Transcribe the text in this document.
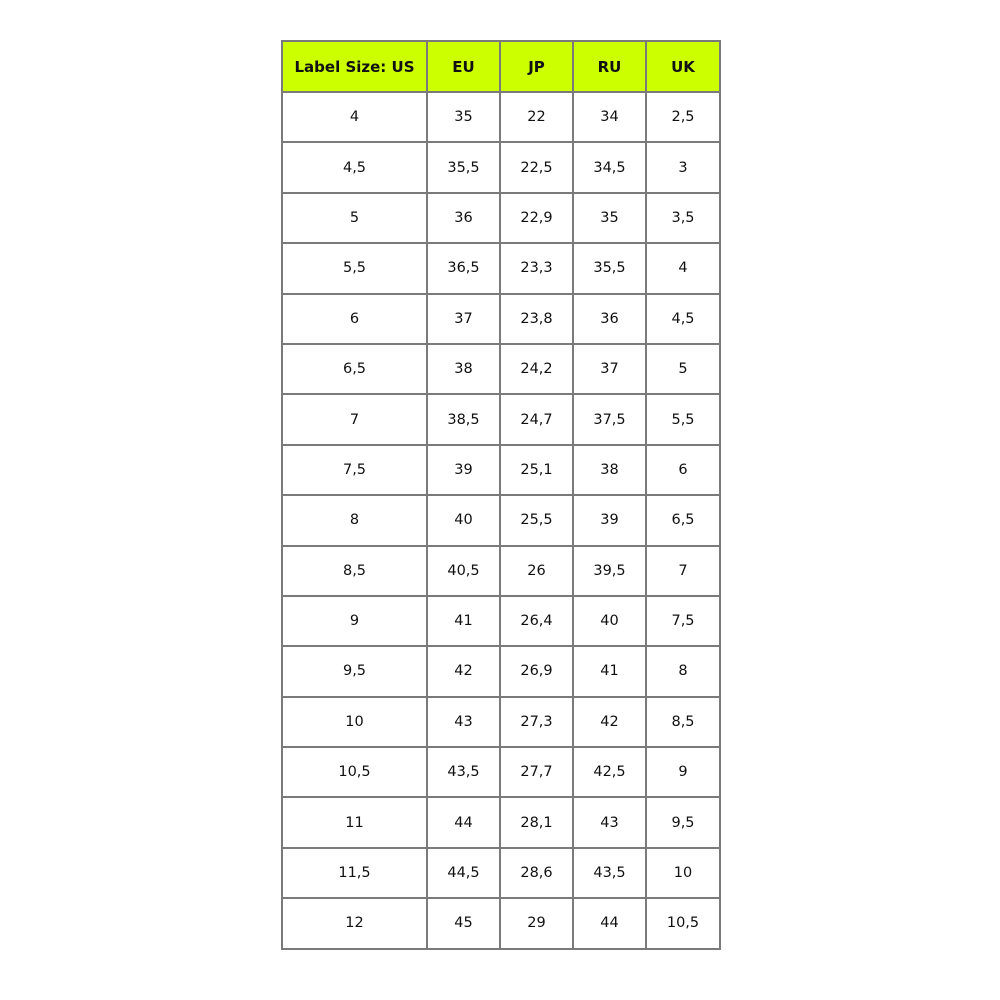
Label Size: US	EU	JP	RU	UK
4	35	22	34	2,5
4,5	35,5	22,5	34,5	3
5	36	22,9	35	3,5
5,5	36,5	23,3	35,5	4
6	37	23,8	36	4,5
6,5	38	24,2	37	5
7	38,5	24,7	37,5	5,5
7,5	39	25,1	38	6
8	40	25,5	39	6,5
8,5	40,5	26	39,5	7
9	41	26,4	40	7,5
9,5	42	26,9	41	8
10	43	27,3	42	8,5
10,5	43,5	27,7	42,5	9
11	44	28,1	43	9,5
11,5	44,5	28,6	43,5	10
12	45	29	44	10,5
